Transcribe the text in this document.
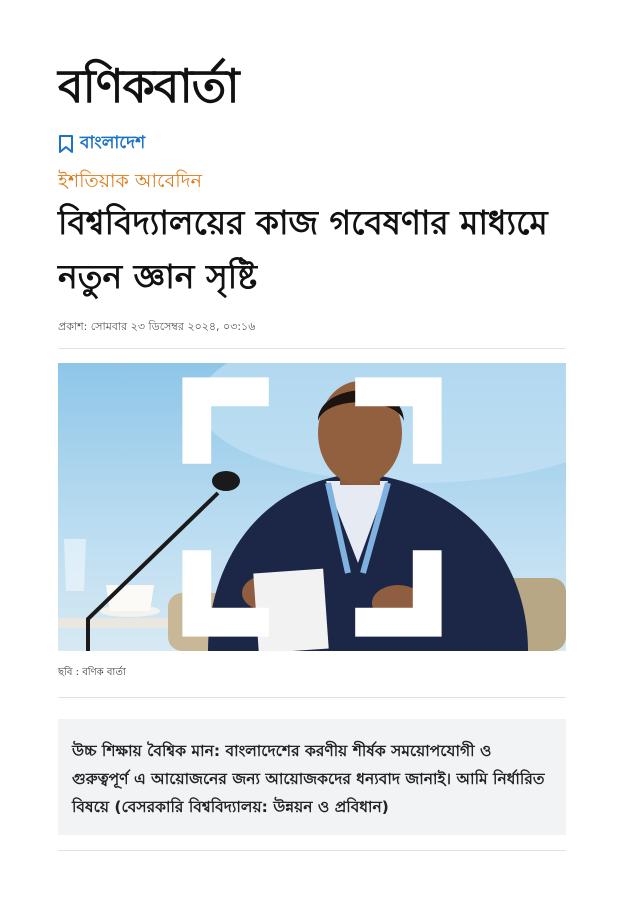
বণিকবার্তা
বাংলাদেশ
ইশতিয়াক আবেদিন
বিশ্ববিদ্যালয়ের কাজ গবেষণার মাধ্যমে নতুন জ্ঞান সৃষ্টি
প্রকাশ: সোমবার ২৩ ডিসেম্বর ২০২৪, ০৩:১৬
ছবি : বণিক বার্তা

উচ্চ শিক্ষায় বৈশ্বিক মান: বাংলাদেশের করণীয় শীর্ষক সময়োপযোগী ও গুরুত্বপূর্ণ এ আয়োজনের জন্য আয়োজকদের ধন্যবাদ জানাই। আমি নির্ধারিত বিষয়ে (বেসরকারি বিশ্ববিদ্যালয়: উন্নয়ন ও প্রবিধান)
